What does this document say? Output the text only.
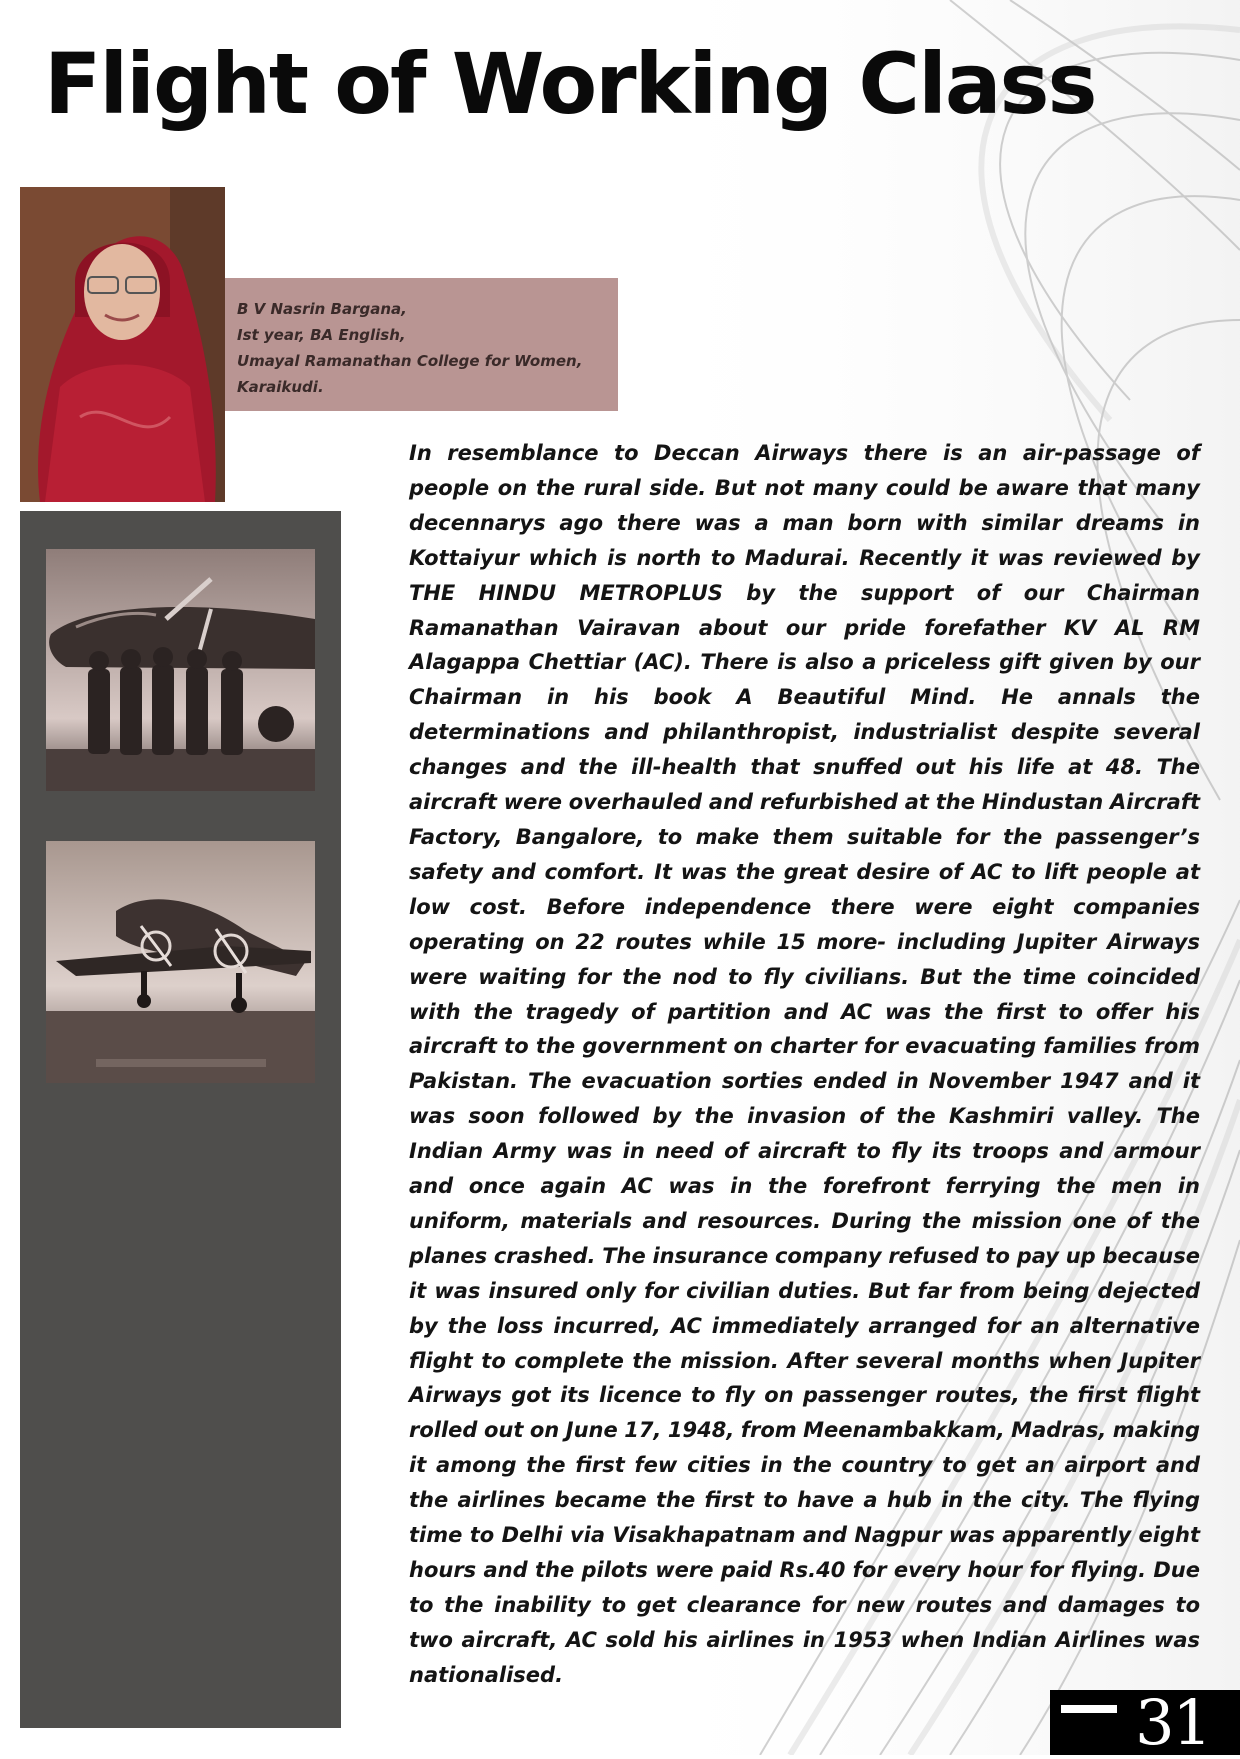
Flight of Working Class
B V Nasrin Bargana,
Ist year, BA English,
Umayal Ramanathan College for Women,
Karaikudi.

In resemblance to Deccan Airways there is an air-passage of people on the rural side. But not many could be aware that many decennarys ago there was a man born with similar dreams in Kottaiyur which is north to Madurai. Recently it was reviewed by THE HINDU METROPLUS by the support of our Chairman Ramanathan Vairavan about our pride forefather KV AL RM Alagappa Chettiar (AC). There is also a priceless gift given by our Chairman in his book A Beautiful Mind. He annals the determinations and philanthropist, industrialist despite several changes and the ill-health that snuffed out his life at 48. The aircraft were overhauled and refurbished at the Hindustan Aircraft Factory, Bangalore, to make them suitable for the passenger’s safety and comfort. It was the great desire of AC to lift people at low cost. Before independence there were eight companies operating on 22 routes while 15 more- including Jupiter Airways were waiting for the nod to fly civilians. But the time coincided with the tragedy of partition and AC was the first to offer his aircraft to the government on charter for evacuating families from Pakistan. The evacuation sorties ended in November 1947 and it was soon followed by the invasion of the Kashmiri valley. The Indian Army was in need of aircraft to fly its troops and armour and once again AC was in the forefront ferrying the men in uniform, materials and resources. During the mission one of the planes crashed. The insurance company refused to pay up because it was insured only for civilian duties. But far from being dejected by the loss incurred, AC immediately arranged for an alternative flight to complete the mission. After several months when Jupiter Airways got its licence to fly on passenger routes, the first flight rolled out on June 17, 1948, from Meenambakkam, Madras, making it among the first few cities in the country to get an airport and the airlines became the first to have a hub in the city. The flying time to Delhi via Visakhapatnam and Nagpur was apparently eight hours and the pilots were paid Rs.40 for every hour for flying. Due to the inability to get clearance for new routes and damages to two aircraft, AC sold his airlines in 1953 when Indian Airlines was nationalised.

31
